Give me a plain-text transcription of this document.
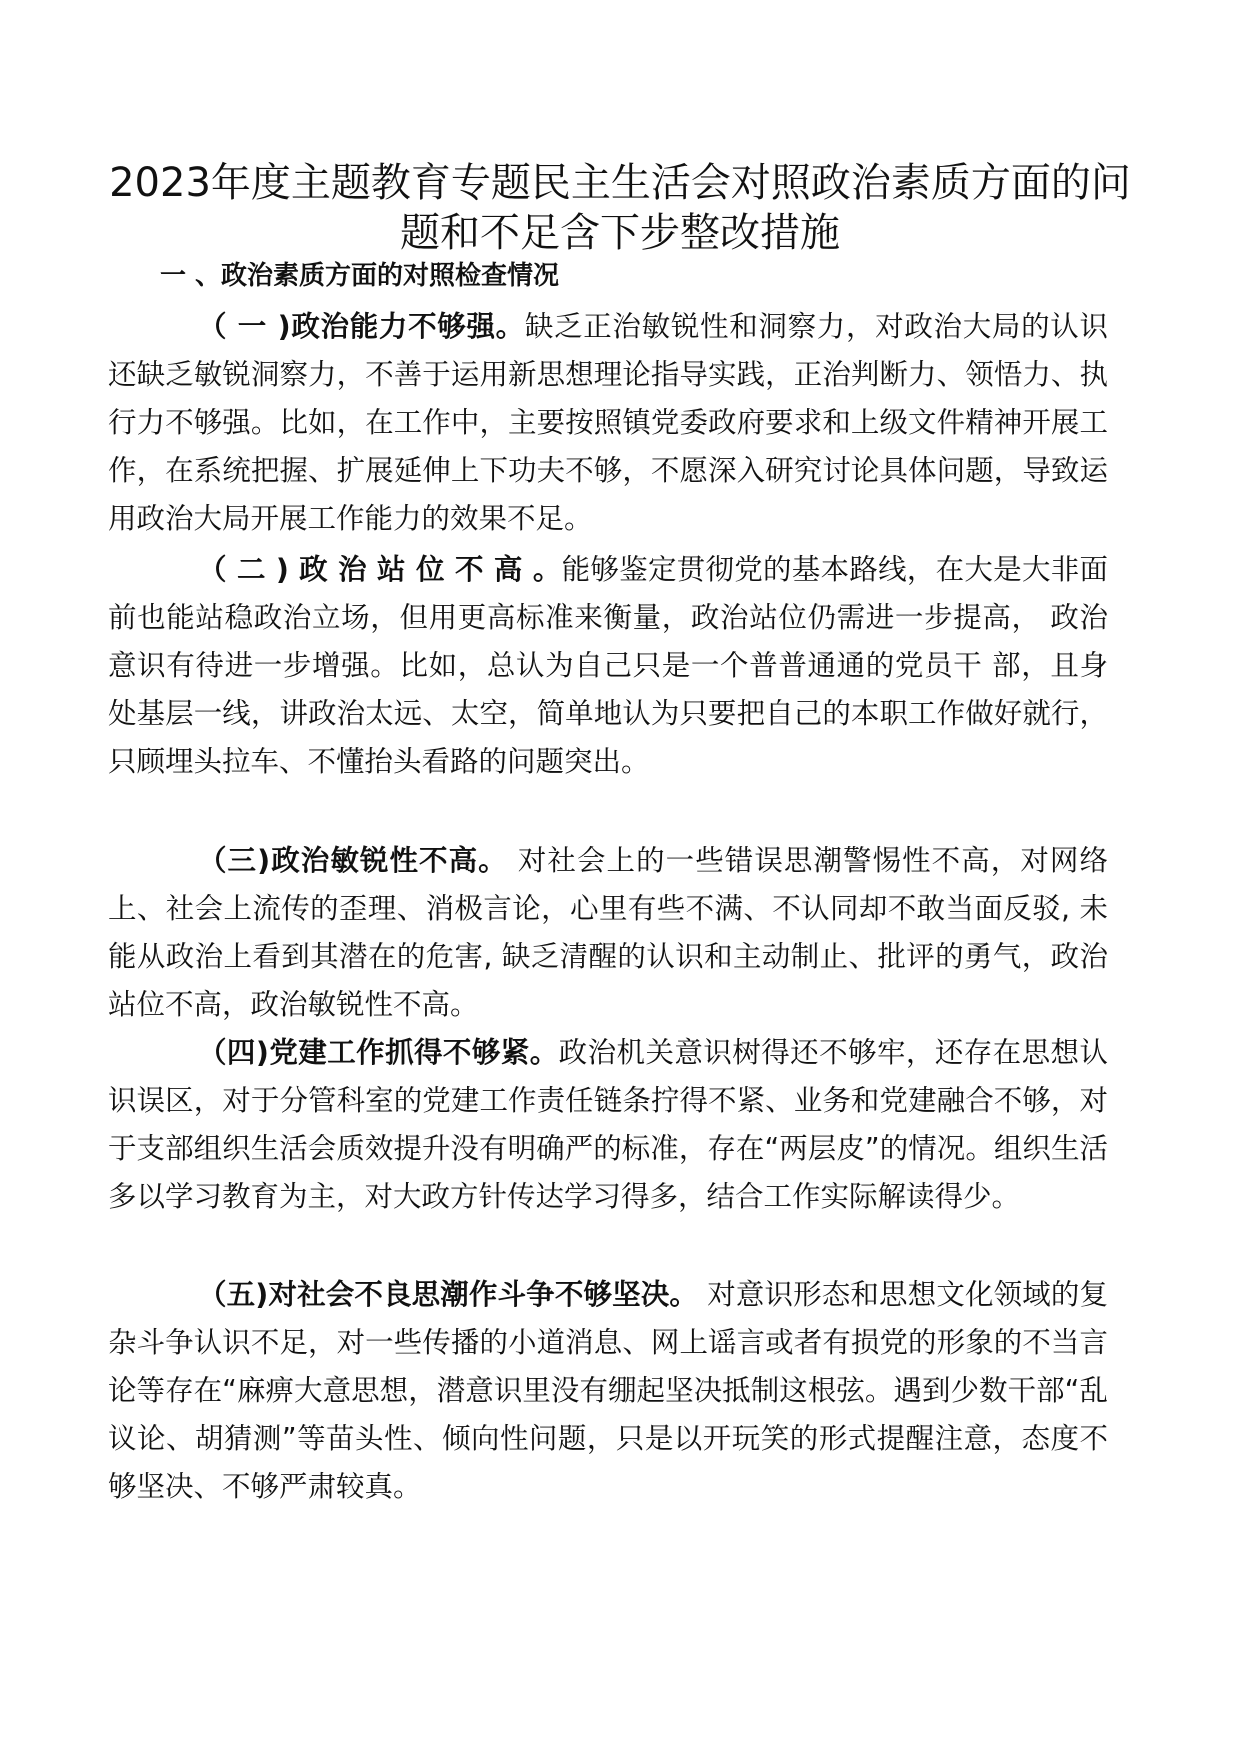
2023年度主题教育专题民主生活会对照政治素质方面的问题和不足含下步整改措施
一 、政治素质方面的对照检查情况

（ 一 )政治能力不够强。缺乏正治敏锐性和洞察力，对政治大局的认识还缺乏敏锐洞察力，不善于运用新思想理论指导实践，正治判断力、领悟力、执行力不够强。比如，在工作中，主要按照镇党委政府要求和上级文件精神开展工作，在系统把握、扩展延伸上下功夫不够，不愿深入研究讨论具体问题，导致运用政治大局开展工作能力的效果不足。

（ 二 ) 政 治 站 位 不 高 。能够鉴定贯彻党的基本路线，在大是大非面 前也能站稳政治立场，但用更高标准来衡量，政治站位仍需进一步提高， 政治意识有待进一步增强。比如，总认为自己只是一个普普通通的党员干 部，且身处基层一线，讲政治太远、太空，简单地认为只要把自己的本职工作做好就行，只顾埋头拉车、不懂抬头看路的问题突出。

（三)政治敏锐性不高。 对社会上的一些错误思潮警惕性不高，对网络上、社会上流传的歪理、消极言论，心里有些不满、不认同却不敢当面反驳, 未能从政治上看到其潜在的危害, 缺乏清醒的认识和主动制止、批评的勇气，政治站位不高，政治敏锐性不高。

（四)党建工作抓得不够紧。政治机关意识树得还不够牢，还存在思想认识误区，对于分管科室的党建工作责任链条拧得不紧、业务和党建融合不够，对于支部组织生活会质效提升没有明确严的标准，存在“两层皮”的情况。组织生活多以学习教育为主，对大政方针传达学习得多，结合工作实际解读得少。

（五)对社会不良思潮作斗争不够坚决。 对意识形态和思想文化领域的复杂斗争认识不足，对一些传播的小道消息、网上谣言或者有损党的形象的不当言论等存在“麻痹大意思想，潜意识里没有绷起坚决抵制这根弦。遇到少数干部“乱议论、胡猜测”等苗头性、倾向性问题，只是以开玩笑的形式提醒注意，态度不够坚决、不够严肃较真。
